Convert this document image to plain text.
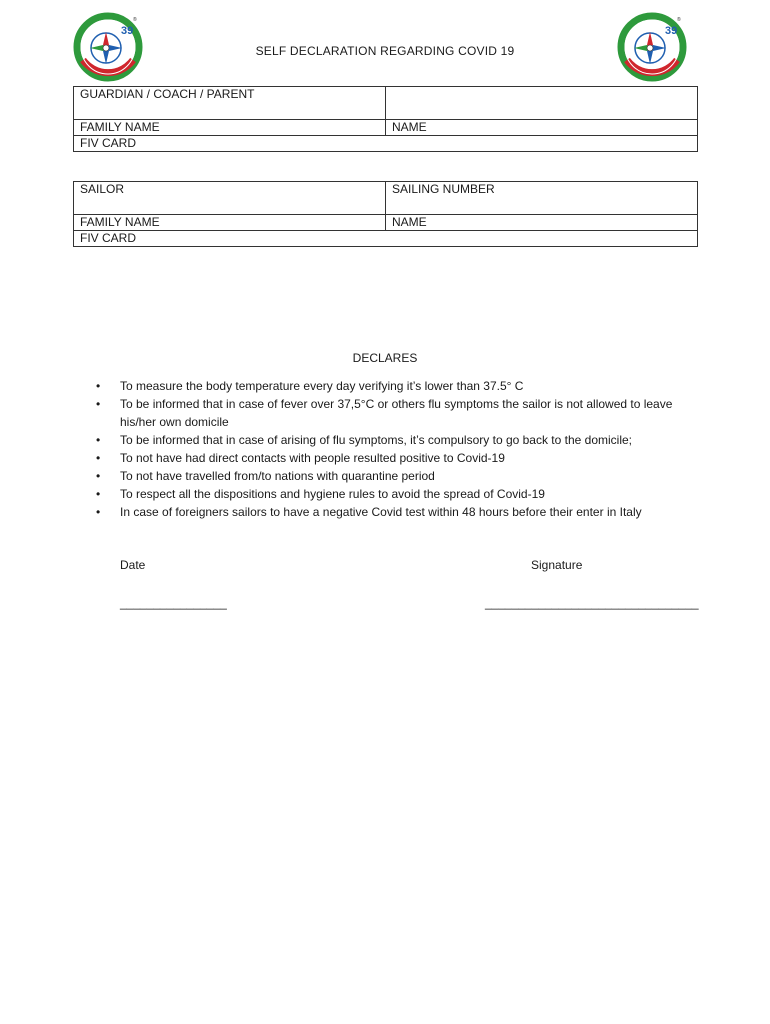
39
®
39
®
SELF DECLARATION REGARDING COVID 19
GUARDIAN / COACH / PARENT	
FAMILY NAME	NAME
FIV CARD	
SAILOR	SAILING NUMBER
FAMILY NAME	NAME
FIV CARD	
DECLARES
• To measure the body temperature every day verifying it’s lower than 37.5° C
• To be informed that in case of fever over 37,5°C or others flu symptoms the sailor is not allowed to leave his/her own domicile
• To be informed that in case of arising of flu symptoms, it’s compulsory to go back to the domicile;
• To not have had direct contacts with people resulted positive to Covid-19
• To not have travelled from/to nations with quarantine period
• To respect all the dispositions and hygiene rules to avoid the spread of Covid-19
• In case of foreigners sailors to have a negative Covid test within 48 hours before their enter in Italy
Date	Signature
________________	________________________________
